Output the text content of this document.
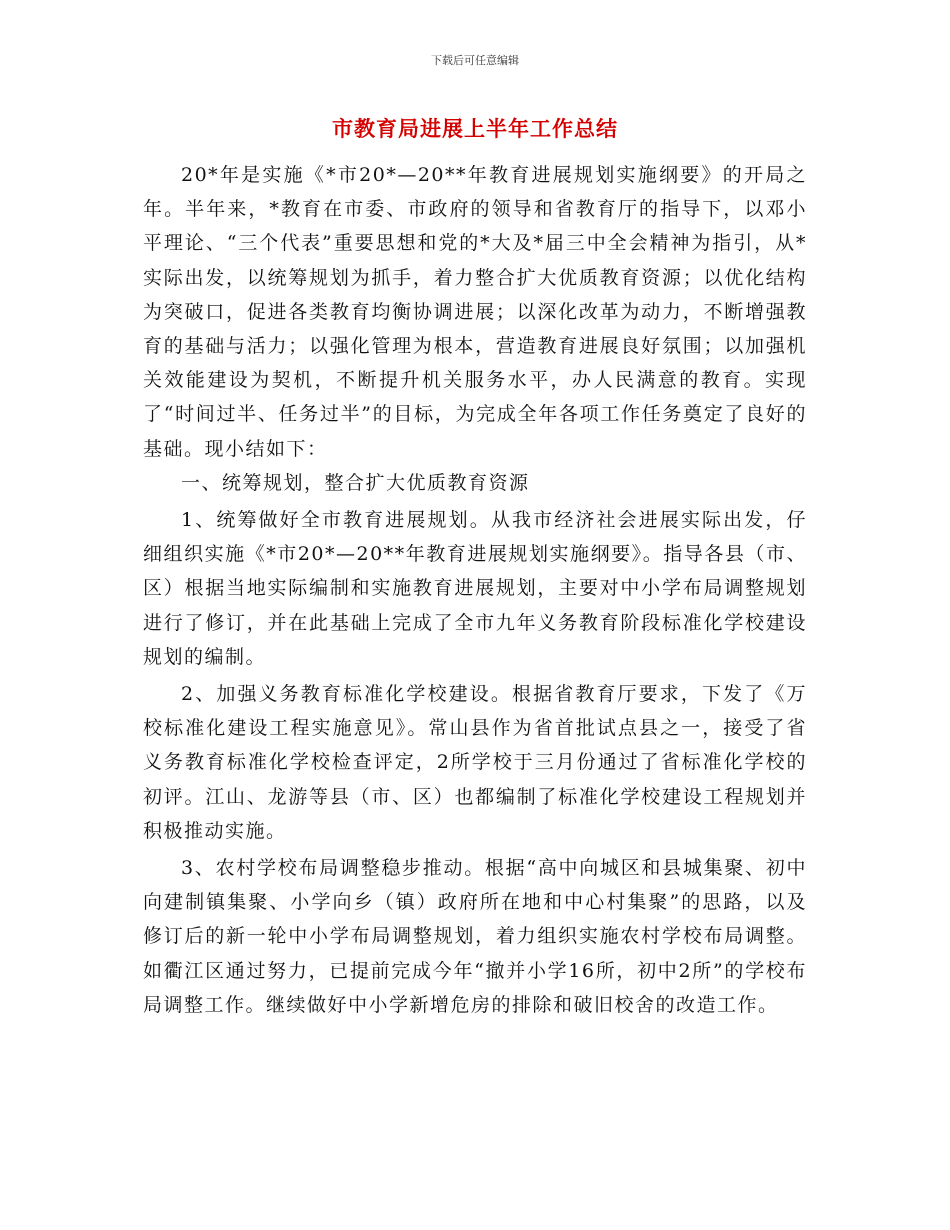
下载后可任意编辑
市教育局进展上半年工作总结

20*年是实施《*市20*—20**年教育进展规划实施纲要》的开局之年。半年来，*教育在市委、市政府的领导和省教育厅的指导下，以邓小平理论、“三个代表”重要思想和党的*大及*届三中全会精神为指引，从*实际出发，以统筹规划为抓手，着力整合扩大优质教育资源；以优化结构为突破口，促进各类教育均衡协调进展；以深化改革为动力，不断增强教育的基础与活力；以强化管理为根本，营造教育进展良好氛围；以加强机关效能建设为契机，不断提升机关服务水平，办人民满意的教育。实现了“时间过半、任务过半”的目标，为完成全年各项工作任务奠定了良好的基础。现小结如下：

一、统筹规划，整合扩大优质教育资源

1、统筹做好全市教育进展规划。从我市经济社会进展实际出发，仔细组织实施《*市20*—20**年教育进展规划实施纲要》。指导各县（市、区）根据当地实际编制和实施教育进展规划，主要对中小学布局调整规划进行了修订，并在此基础上完成了全市九年义务教育阶段标准化学校建设规划的编制。

2、加强义务教育标准化学校建设。根据省教育厅要求，下发了《万校标准化建设工程实施意见》。常山县作为省首批试点县之一，接受了省义务教育标准化学校检查评定，2所学校于三月份通过了省标准化学校的初评。江山、龙游等县（市、区）也都编制了标准化学校建设工程规划并积极推动实施。

3、农村学校布局调整稳步推动。根据“高中向城区和县城集聚、初中向建制镇集聚、小学向乡（镇）政府所在地和中心村集聚”的思路，以及修订后的新一轮中小学布局调整规划，着力组织实施农村学校布局调整。如衢江区通过努力，已提前完成今年“撤并小学16所，初中2所”的学校布局调整工作。继续做好中小学新增危房的排除和破旧校舍的改造工作。
